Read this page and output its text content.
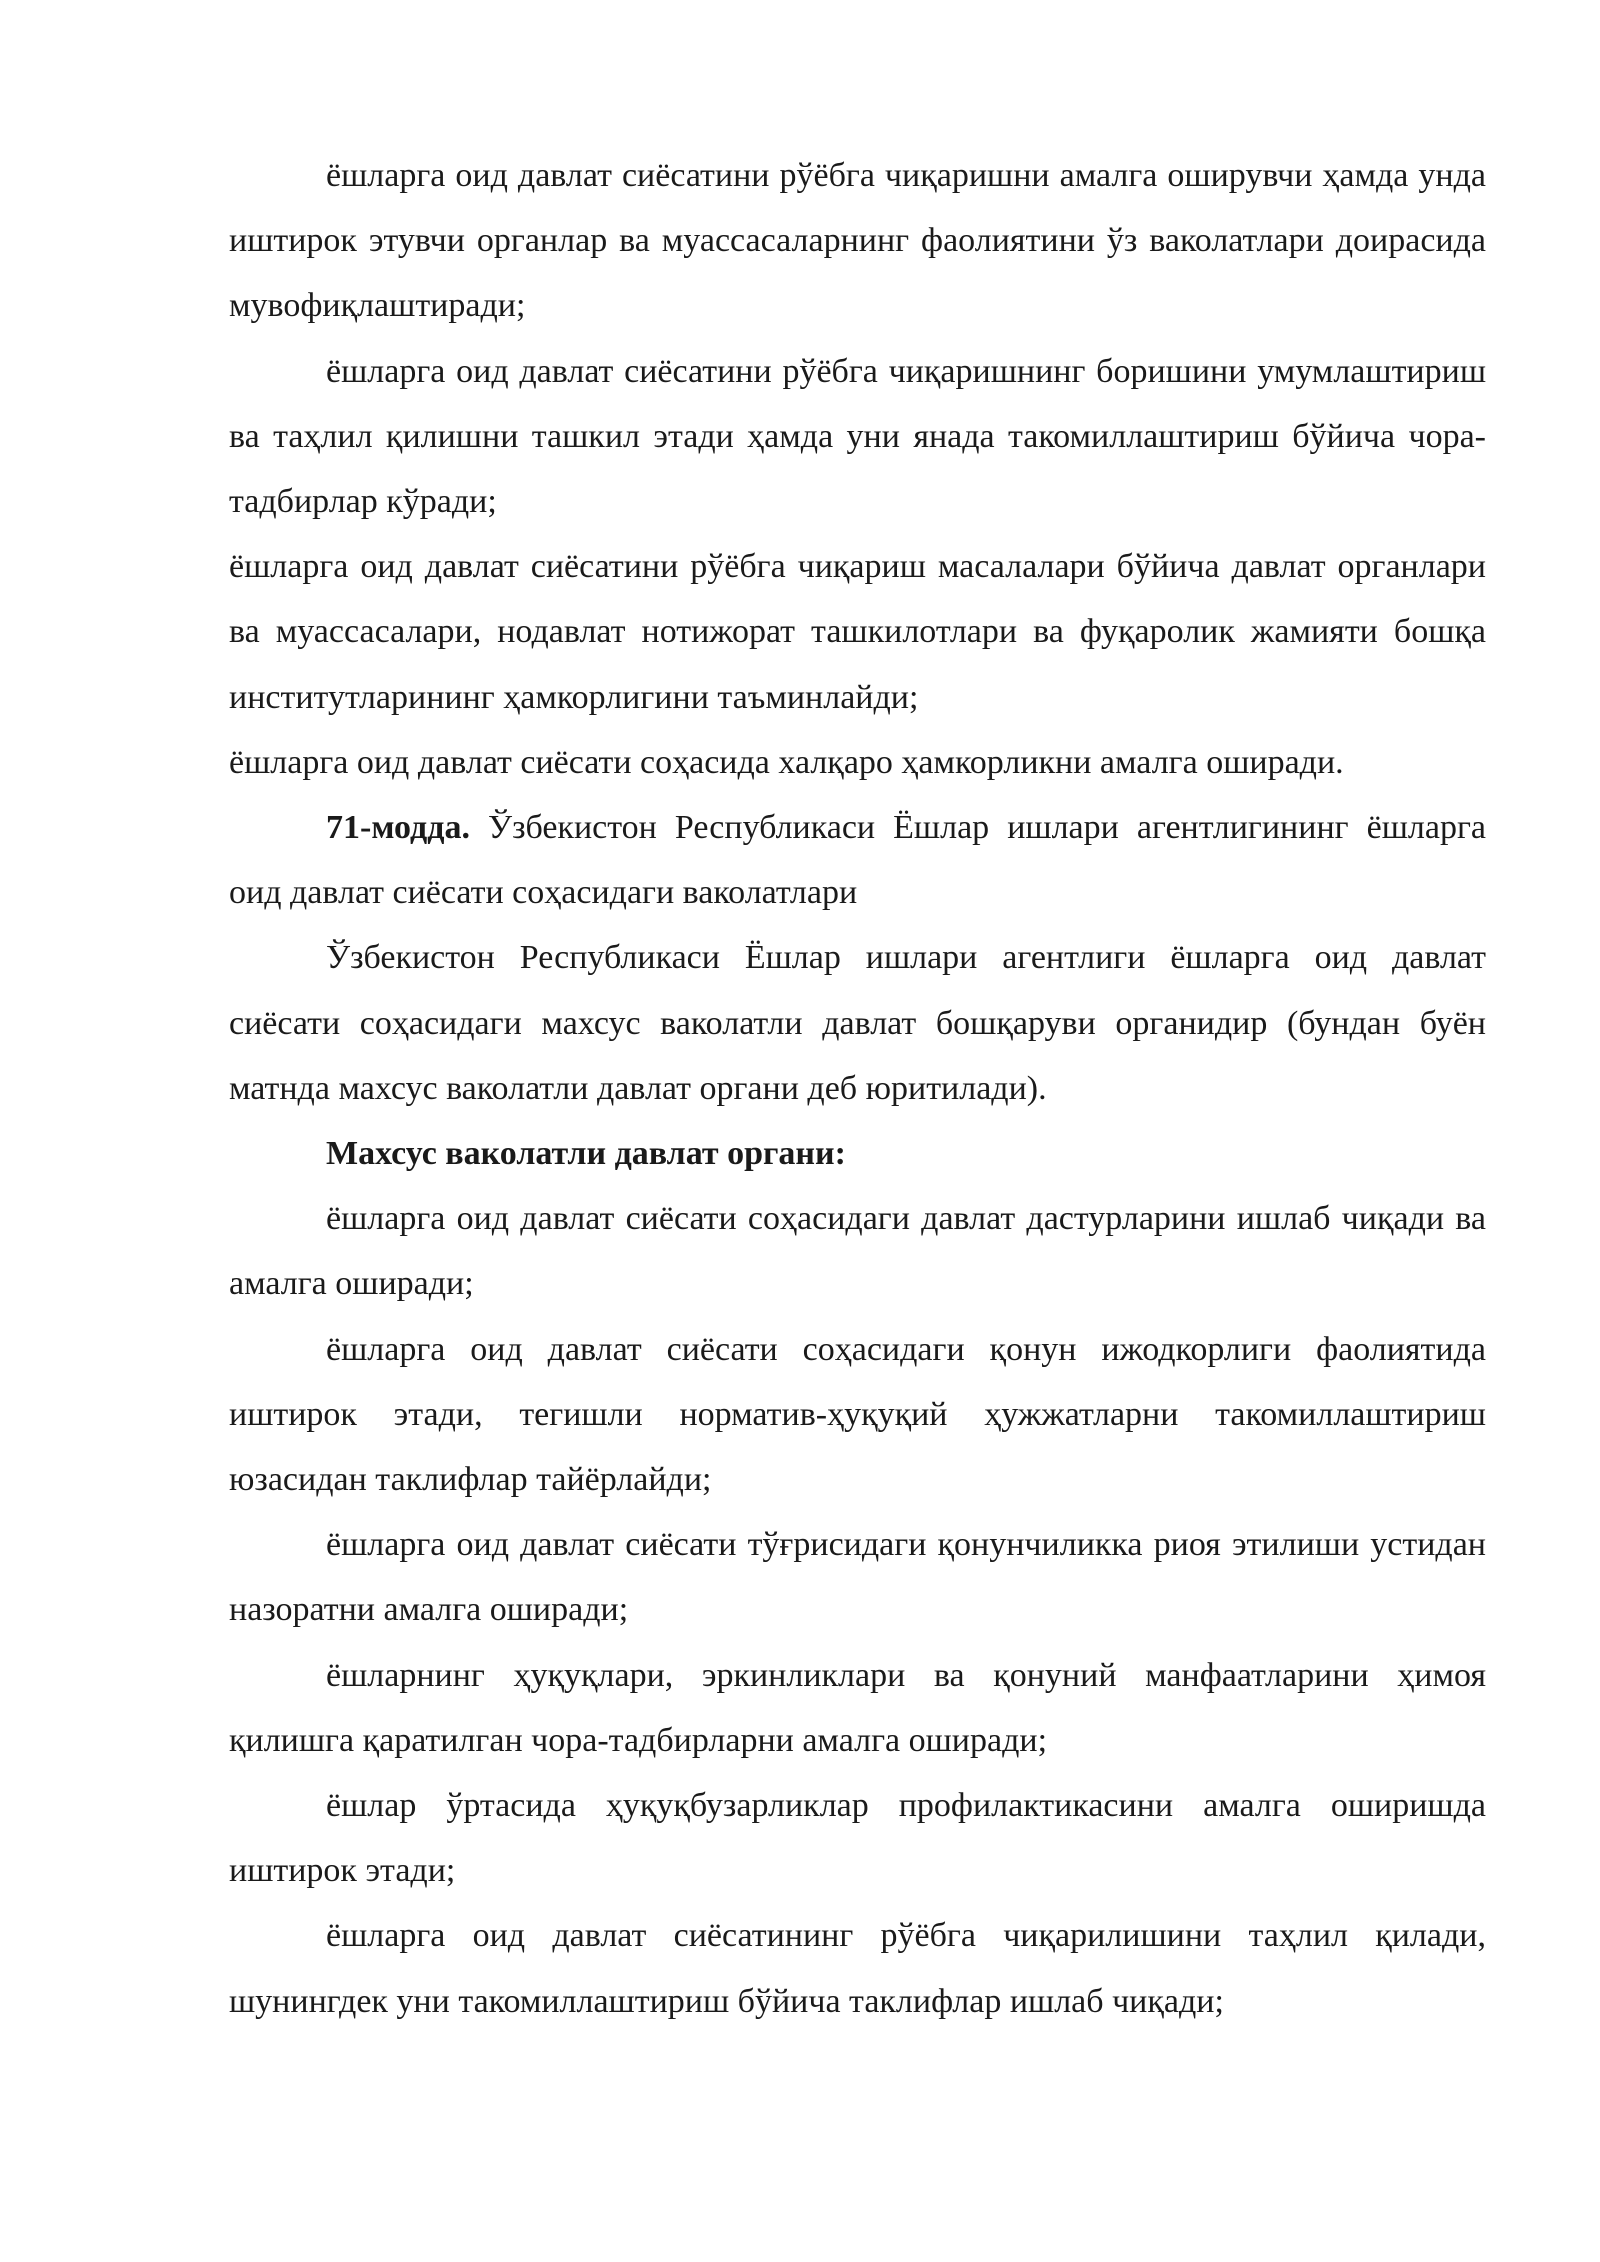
ёшларга оид давлат сиёсатини рўёбга чиқаришни амалга оширувчи ҳамда унда иштирок этувчи органлар ва муассасаларнинг фаолиятини ўз ваколатлари доирасида мувофиқлаштиради;

ёшларга оид давлат сиёсатини рўёбга чиқаришнинг боришини умумлаштириш ва таҳлил қилишни ташкил этади ҳамда уни янада такомиллаштириш бўйича чора-тадбирлар кўради;

ёшларга оид давлат сиёсатини рўёбга чиқариш масалалари бўйича давлат органлари ва муассасалари, нодавлат нотижорат ташкилотлари ва фуқаролик жамияти бошқа институтларининг ҳамкорлигини таъминлайди;

ёшларга оид давлат сиёсати соҳасида халқаро ҳамкорликни амалга оширади.

71-модда. Ўзбекистон Республикаси Ёшлар ишлари агентлигининг ёшларга оид давлат сиёсати соҳасидаги ваколатлари

Ўзбекистон Республикаси Ёшлар ишлари агентлиги ёшларга оид давлат сиёсати соҳасидаги махсус ваколатли давлат бошқаруви органидир (бундан буён матнда махсус ваколатли давлат органи деб юритилади).

Махсус ваколатли давлат органи:

ёшларга оид давлат сиёсати соҳасидаги давлат дастурларини ишлаб чиқади ва амалга оширади;

ёшларга оид давлат сиёсати соҳасидаги қонун ижодкорлиги фаолиятида иштирок этади, тегишли норматив-ҳуқуқий ҳужжатларни такомиллаштириш юзасидан таклифлар тайёрлайди;

ёшларга оид давлат сиёсати тўғрисидаги қонунчиликка риоя этилиши устидан назоратни амалга оширади;

ёшларнинг ҳуқуқлари, эркинликлари ва қонуний манфаатларини ҳимоя қилишга қаратилган чора-тадбирларни амалга оширади;

ёшлар ўртасида ҳуқуқбузарликлар профилактикасини амалга оширишда иштирок этади;

ёшларга оид давлат сиёсатининг рўёбга чиқарилишини таҳлил қилади, шунингдек уни такомиллаштириш бўйича таклифлар ишлаб чиқади;
